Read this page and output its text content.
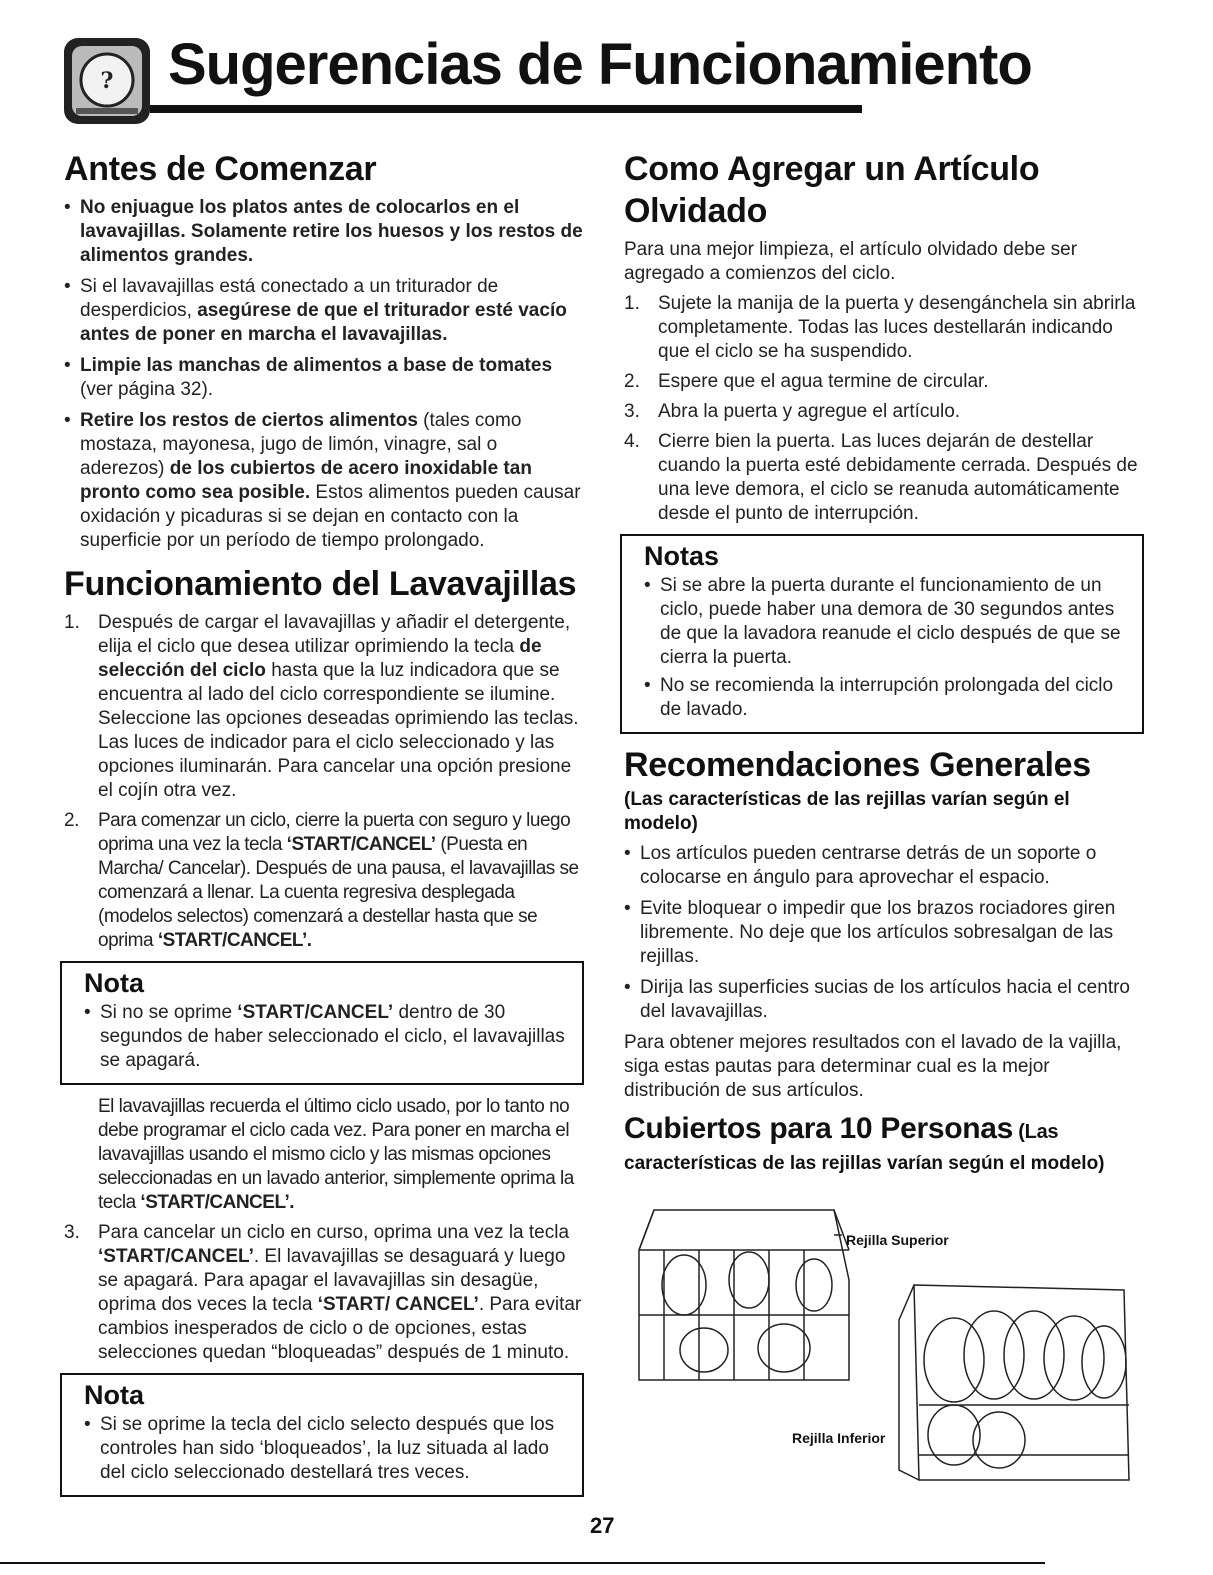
? Sugerencias de Funcionamiento
Antes de Comenzar
• No enjuague los platos antes de colocarlos en el lavavajillas. Solamente retire los huesos y los restos de alimentos grandes.
• Si el lavavajillas está conectado a un triturador de desperdicios, asegúrese de que el triturador esté vacío antes de poner en marcha el lavavajillas.
• Limpie las manchas de alimentos a base de tomates (ver página 32).
• Retire los restos de ciertos alimentos (tales como mostaza, mayonesa, jugo de limón, vinagre, sal o aderezos) de los cubiertos de acero inoxidable tan pronto como sea posible. Estos alimentos pueden causar oxidación y picaduras si se dejan en contacto con la superficie por un período de tiempo prolongado.
Funcionamiento del Lavavajillas
1. Después de cargar el lavavajillas y añadir el detergente, elija el ciclo que desea utilizar oprimiendo la tecla de selección del ciclo hasta que la luz indicadora que se encuentra al lado del ciclo correspondiente se ilumine. Seleccione las opciones deseadas oprimiendo las teclas. Las luces de indicador para el ciclo seleccionado y las opciones iluminarán. Para cancelar una opción presione el cojín otra vez.
2. Para comenzar un ciclo, cierre la puerta con seguro y luego oprima una vez la tecla ‘START/CANCEL’ (Puesta en Marcha/ Cancelar). Después de una pausa, el lavavajillas se comenzará a llenar. La cuenta regresiva desplegada (modelos selectos) comenzará a destellar hasta que se oprima ‘START/CANCEL’.
Nota
• Si no se oprime ‘START/CANCEL’ dentro de 30 segundos de haber seleccionado el ciclo, el lavavajillas se apagará.

El lavavajillas recuerda el último ciclo usado, por lo tanto no debe programar el ciclo cada vez. Para poner en marcha el lavavajillas usando el mismo ciclo y las mismas opciones seleccionadas en un lavado anterior, simplemente oprima la tecla ‘START/CANCEL’.

3. Para cancelar un ciclo en curso, oprima una vez la tecla ‘START/CANCEL’. El lavavajillas se desaguará y luego se apagará. Para apagar el lavavajillas sin desagüe, oprima dos veces la tecla ‘START/ CANCEL’. Para evitar cambios inesperados de ciclo o de opciones, estas selecciones quedan “bloqueadas” después de 1 minuto.
Nota
• Si se oprime la tecla del ciclo selecto después que los controles han sido ‘bloqueados’, la luz situada al lado del ciclo seleccionado destellará tres veces.
Como Agregar un Artículo Olvidado

Para una mejor limpieza, el artículo olvidado debe ser agregado a comienzos del ciclo.

1. Sujete la manija de la puerta y desengánchela sin abrirla completamente. Todas las luces destellarán indicando que el ciclo se ha suspendido.
2. Espere que el agua termine de circular.
3. Abra la puerta y agregue el artículo.
4. Cierre bien la puerta. Las luces dejarán de destellar cuando la puerta esté debidamente cerrada. Después de una leve demora, el ciclo se reanuda automáticamente desde el punto de interrupción.
Notas
• Si se abre la puerta durante el funcionamiento de un ciclo, puede haber una demora de 30 segundos antes de que la lavadora reanude el ciclo después de que se cierra la puerta.
• No se recomienda la interrupción prolongada del ciclo de lavado.
Recomendaciones Generales
(Las características de las rejillas varían según el modelo)
• Los artículos pueden centrarse detrás de un soporte o colocarse en ángulo para aprovechar el espacio.
• Evite bloquear o impedir que los brazos rociadores giren libremente. No deje que los artículos sobresalgan de las rejillas.
• Dirija las superficies sucias de los artículos hacia el centro del lavavajillas.

Para obtener mejores resultados con el lavado de la vajilla, siga estas pautas para determinar cual es la mejor distribución de sus artículos.

Cubiertos para 10 Personas (Las
características de las rejillas varían según el modelo)
Rejilla Superior
Rejilla Inferior
27
